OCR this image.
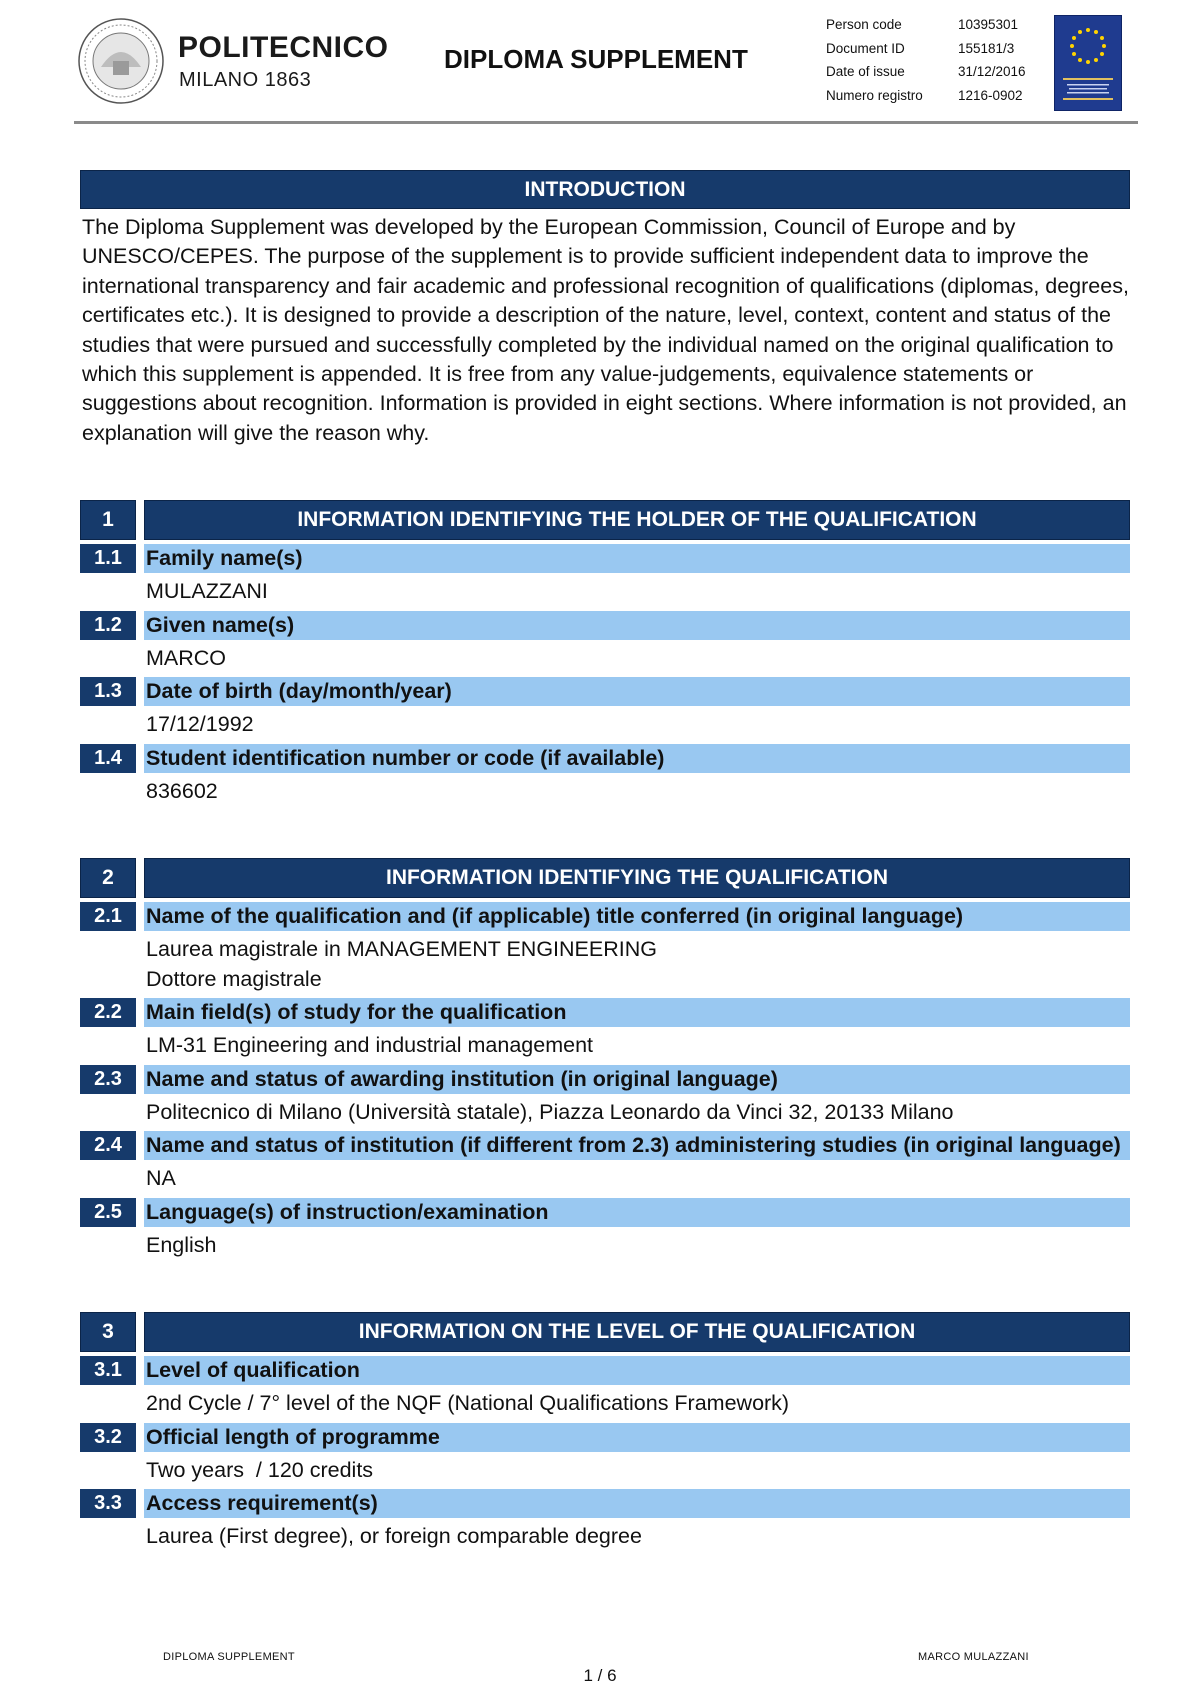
POLITECNICO
MILANO 1863
DIPLOMA SUPPLEMENT
Person code	10395301
Document ID	155181/3
Date of issue	31/12/2016
Numero registro	1216-0902
INTRODUCTION
The Diploma Supplement was developed by the European Commission, Council of Europe and by UNESCO/CEPES. The purpose of the supplement is to provide sufficient independent data to improve the international transparency and fair academic and professional recognition of qualifications (diplomas, degrees, certificates etc.). It is designed to provide a description of the nature, level, context, content and status of the studies that were pursued and successfully completed by the individual named on the original qualification to which this supplement is appended. It is free from any value-judgements, equivalence statements or suggestions about recognition. Information is provided in eight sections. Where information is not provided, an explanation will give the reason why.
1	INFORMATION IDENTIFYING THE HOLDER OF THE QUALIFICATION
1.1	Family name(s)
MULAZZANI
1.2	Given name(s)
MARCO
1.3	Date of birth (day/month/year)
17/12/1992
1.4	Student identification number or code (if available)
836602
2	INFORMATION IDENTIFYING THE QUALIFICATION
2.1	Name of the qualification and (if applicable) title conferred (in original language)
Laurea magistrale in MANAGEMENT ENGINEERING
Dottore magistrale
2.2	Main field(s) of study for the qualification
LM-31 Engineering and industrial management
2.3	Name and status of awarding institution (in original language)
Politecnico di Milano (Università statale), Piazza Leonardo da Vinci 32, 20133 Milano
2.4	Name and status of institution (if different from 2.3) administering studies (in original language)
NA
2.5	Language(s) of instruction/examination
English
3	INFORMATION ON THE LEVEL OF THE QUALIFICATION
3.1	Level of qualification
2nd Cycle / 7° level of the NQF (National Qualifications Framework)
3.2	Official length of programme
Two years  / 120 credits
3.3	Access requirement(s)
Laurea (First degree), or foreign comparable degree
DIPLOMA SUPPLEMENT	MARCO MULAZZANI
1 / 6
